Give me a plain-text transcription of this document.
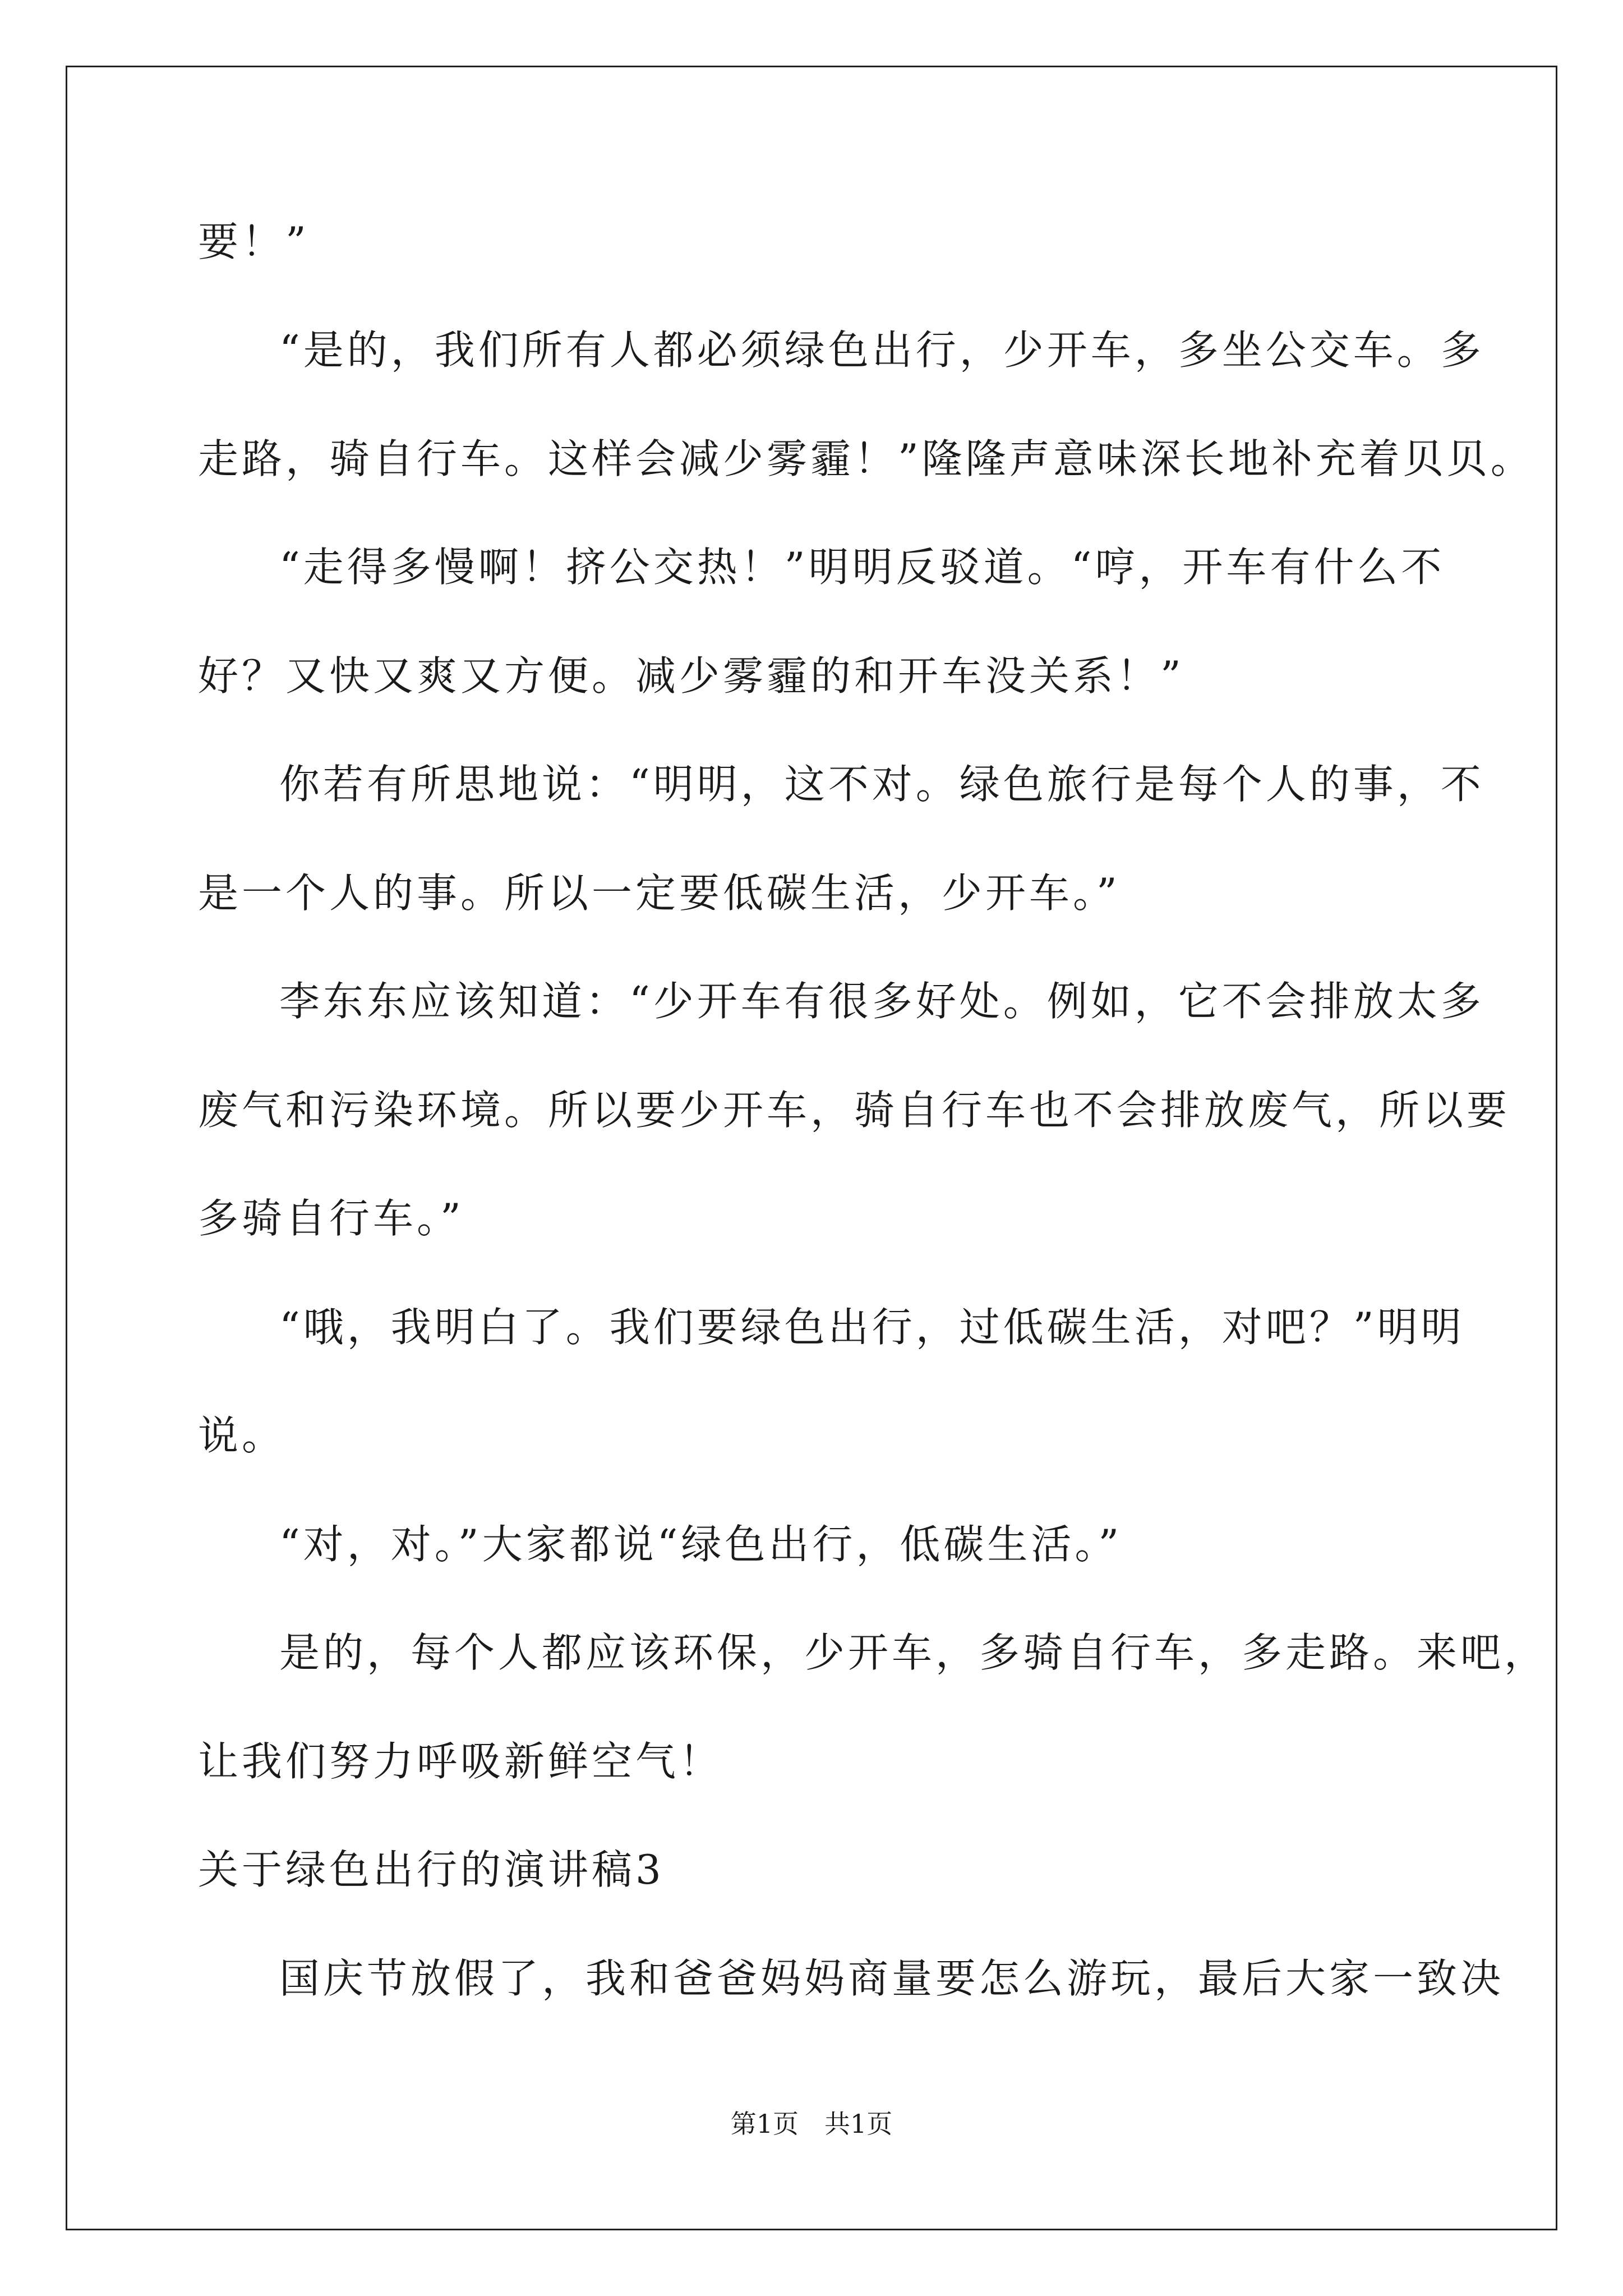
要！”
“是的，我们所有人都必须绿色出行，少开车，多坐公交车。多
走路，骑自行车。这样会减少雾霾！”隆隆声意味深长地补充着贝贝。
“走得多慢啊！挤公交热！”明明反驳道。“哼，开车有什么不
好？又快又爽又方便。减少雾霾的和开车没关系！”
你若有所思地说：“明明，这不对。绿色旅行是每个人的事，不
是一个人的事。所以一定要低碳生活，少开车。”
李东东应该知道：“少开车有很多好处。例如，它不会排放太多
废气和污染环境。所以要少开车，骑自行车也不会排放废气，所以要
多骑自行车。”
“哦，我明白了。我们要绿色出行，过低碳生活，对吧？”明明
说。
“对，对。”大家都说“绿色出行，低碳生活。”
是的，每个人都应该环保，少开车，多骑自行车，多走路。来吧，
让我们努力呼吸新鲜空气！
关于绿色出行的演讲稿3
国庆节放假了，我和爸爸妈妈商量要怎么游玩，最后大家一致决
第1页　共1页
